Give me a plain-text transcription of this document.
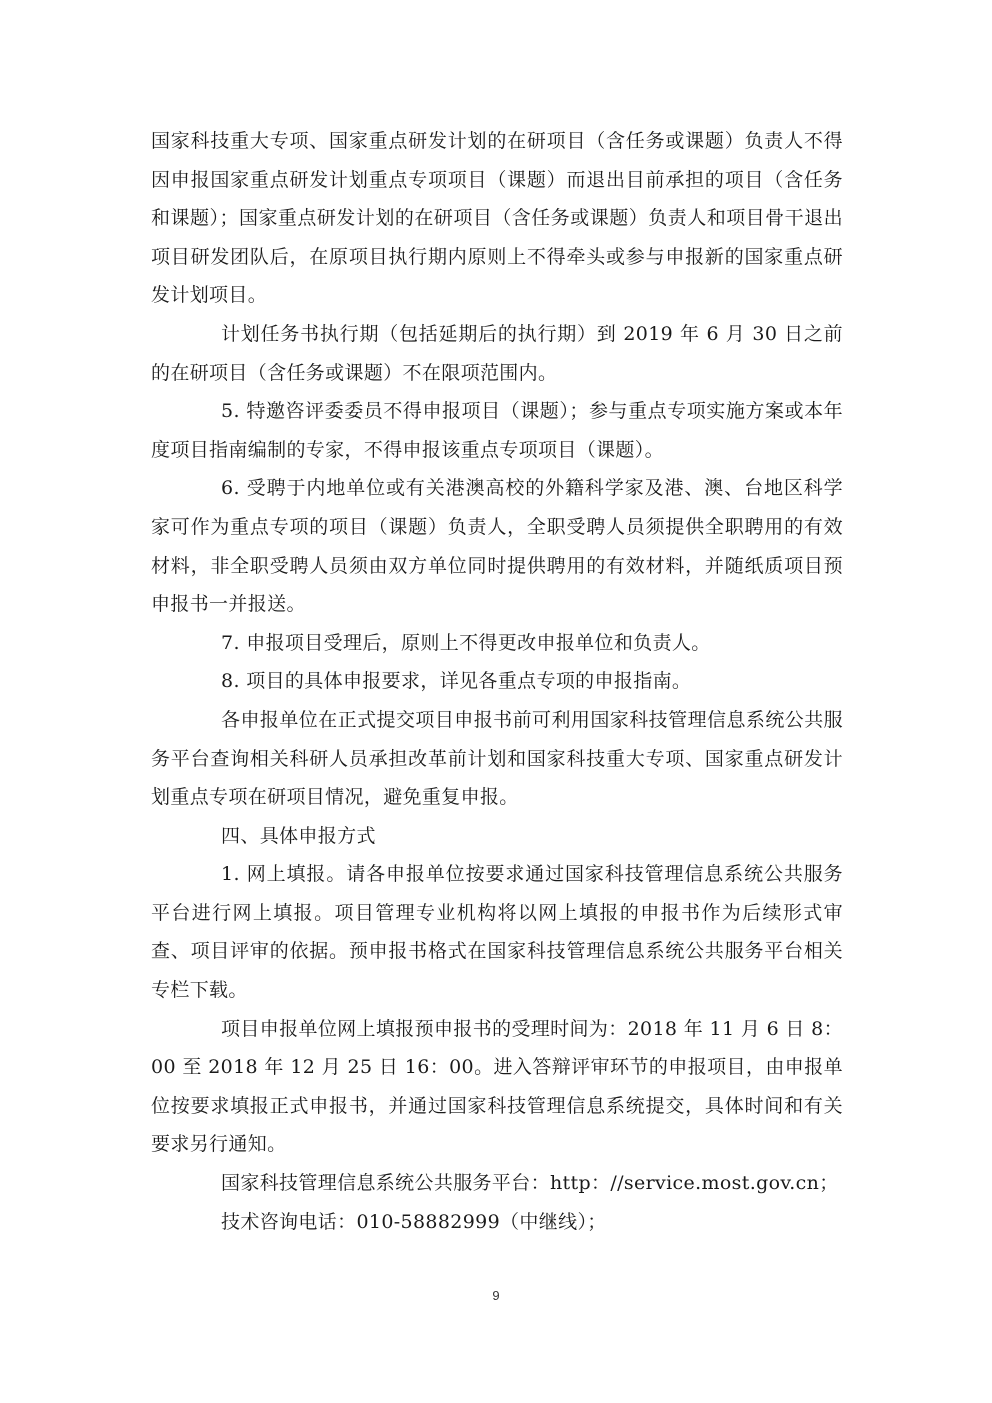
国家科技重大专项、国家重点研发计划的在研项目（含任务或课题）负责人不得因申报国家重点研发计划重点专项项目（课题）而退出目前承担的项目（含任务和课题）；国家重点研发计划的在研项目（含任务或课题）负责人和项目骨干退出项目研发团队后，在原项目执行期内原则上不得牵头或参与申报新的国家重点研发计划项目。

计划任务书执行期（包括延期后的执行期）到 2019 年 6 月 30 日之前的在研项目（含任务或课题）不在限项范围内。

5. 特邀咨评委委员不得申报项目（课题）；参与重点专项实施方案或本年度项目指南编制的专家，不得申报该重点专项项目（课题）。

6. 受聘于内地单位或有关港澳高校的外籍科学家及港、澳、台地区科学家可作为重点专项的项目（课题）负责人，全职受聘人员须提供全职聘用的有效材料，非全职受聘人员须由双方单位同时提供聘用的有效材料，并随纸质项目预申报书一并报送。

7. 申报项目受理后，原则上不得更改申报单位和负责人。

8. 项目的具体申报要求，详见各重点专项的申报指南。

各申报单位在正式提交项目申报书前可利用国家科技管理信息系统公共服务平台查询相关科研人员承担改革前计划和国家科技重大专项、国家重点研发计划重点专项在研项目情况，避免重复申报。

四、具体申报方式

1. 网上填报。请各申报单位按要求通过国家科技管理信息系统公共服务平台进行网上填报。项目管理专业机构将以网上填报的申报书作为后续形式审查、项目评审的依据。预申报书格式在国家科技管理信息系统公共服务平台相关专栏下载。

项目申报单位网上填报预申报书的受理时间为：2018 年 11 月 6 日 8：00 至 2018 年 12 月 25 日 16：00。进入答辩评审环节的申报项目，由申报单位按要求填报正式申报书，并通过国家科技管理信息系统提交，具体时间和有关要求另行通知。

国家科技管理信息系统公共服务平台：http：//service.most.gov.cn；

技术咨询电话：010-58882999（中继线）；

9
